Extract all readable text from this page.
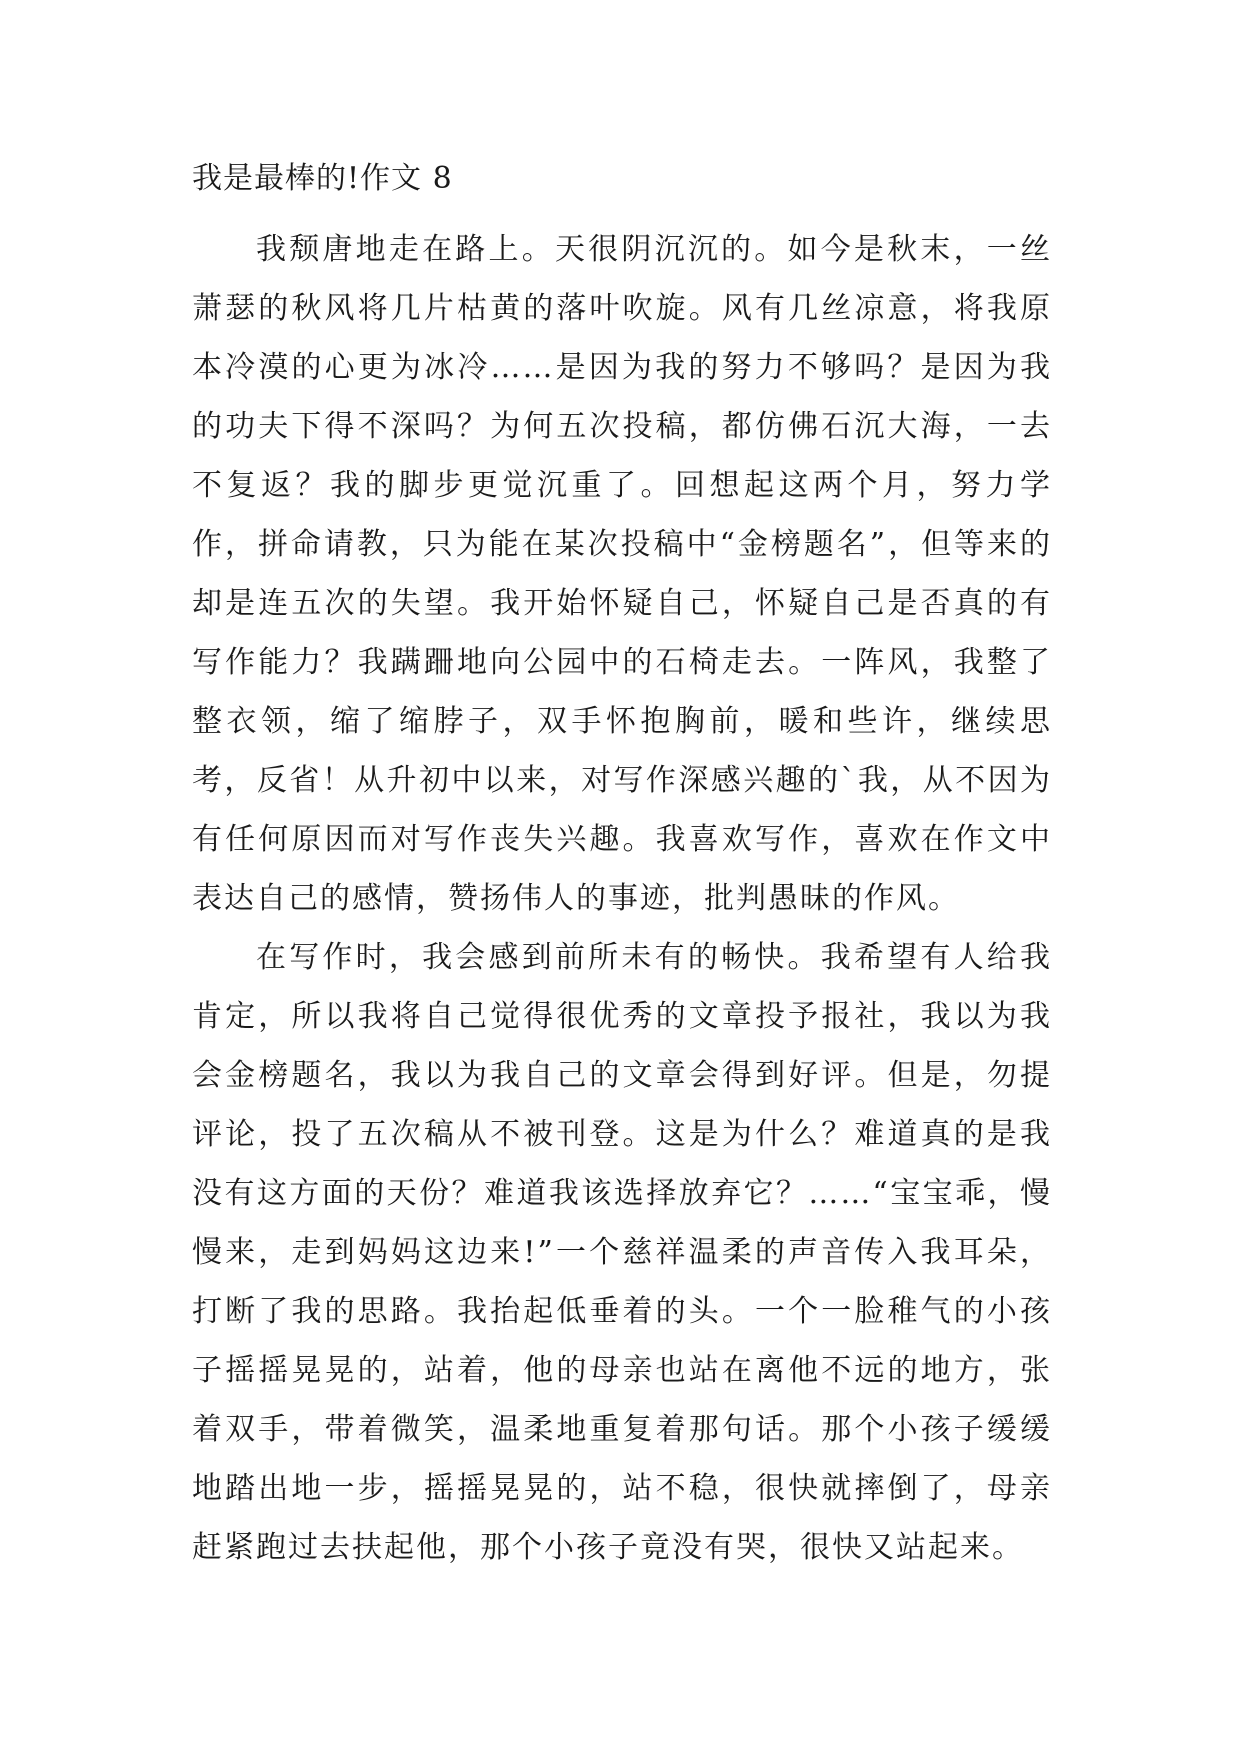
我是最棒的!作文 8

我颓唐地走在路上。天很阴沉沉的。如今是秋末，一丝萧瑟的秋风将几片枯黄的落叶吹旋。风有几丝凉意，将我原本冷漠的心更为冰冷……是因为我的努力不够吗？是因为我的功夫下得不深吗？为何五次投稿，都仿佛石沉大海，一去不复返？我的脚步更觉沉重了。回想起这两个月，努力学作，拼命请教，只为能在某次投稿中“金榜题名”，但等来的却是连五次的失望。我开始怀疑自己，怀疑自己是否真的有写作能力？我蹒跚地向公园中的石椅走去。一阵风，我整了整衣领，缩了缩脖子，双手怀抱胸前，暖和些许，继续思考，反省！从升初中以来，对写作深感兴趣的`我，从不因为有任何原因而对写作丧失兴趣。我喜欢写作，喜欢在作文中表达自己的感情，赞扬伟人的事迹，批判愚昧的作风。

在写作时，我会感到前所未有的畅快。我希望有人给我肯定，所以我将自己觉得很优秀的文章投予报社，我以为我会金榜题名，我以为我自己的文章会得到好评。但是，勿提评论，投了五次稿从不被刊登。这是为什么？难道真的是我没有这方面的天份？难道我该选择放弃它？……“宝宝乖，慢慢来，走到妈妈这边来!”一个慈祥温柔的声音传入我耳朵，打断了我的思路。我抬起低垂着的头。一个一脸稚气的小孩子摇摇晃晃的，站着，他的母亲也站在离他不远的地方，张着双手，带着微笑，温柔地重复着那句话。那个小孩子缓缓地踏出地一步，摇摇晃晃的，站不稳，很快就摔倒了，母亲赶紧跑过去扶起他，那个小孩子竟没有哭，很快又站起来。
